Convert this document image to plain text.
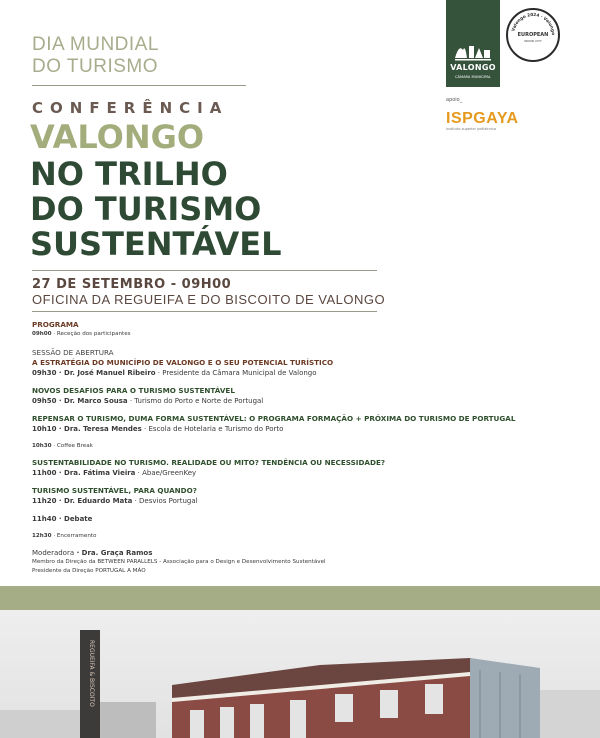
DIA MUNDIAL
DO TURISMO
CONFERÊNCIA
VALONGO
NO TRILHO
DO TURISMO
SUSTENTÁVEL
27 DE SETEMBRO - 09H00
OFICINA DA REGUEIFA E DO BISCOITO DE VALONGO
PROGRAMA
09h00 · Receção dos participantes
SESSÃO DE ABERTURA
A ESTRATÉGIA DO MUNICÍPIO DE VALONGO E O SEU POTENCIAL TURÍSTICO
09h30 · Dr. José Manuel Ribeiro · Presidente da Câmara Municipal de Valongo
NOVOS DESAFIOS PARA O TURISMO SUSTENTÁVEL
09h50 · Dr. Marco Sousa · Turismo do Porto e Norte de Portugal
REPENSAR O TURISMO, DUMA FORMA SUSTENTÁVEL: O PROGRAMA FORMAÇÃO + PRÓXIMA DO TURISMO DE PORTUGAL
10h10 · Dra. Teresa Mendes · Escola de Hotelaria e Turismo do Porto
10h30 · Coffee Break
SUSTENTABILIDADE NO TURISMO. REALIDADE OU MITO? TENDÊNCIA OU NECESSIDADE?
11h00 · Dra. Fátima Vieira · Abae/GreenKey
TURISMO SUSTENTÁVEL, PARA QUANDO?
11h20 · Dr. Eduardo Mata · Desvios Portugal
11h40 · Debate
12h30 · Encerramento
Moderadora · Dra. Graça Ramos
Membro da Direção da BETWEEN PARALLELS - Associação para o Design e Desenvolvimento Sustentável
Presidente da Direção PORTUGAL A MÃO
VALONGO
CÂMARA MUNICIPAL
Valongo 2024 · Valongo
EUROPEAN
WOOD CITY
apoio_
ISPGAYA
instituto superior politécnico
REGUEIFA & BISCOITO
